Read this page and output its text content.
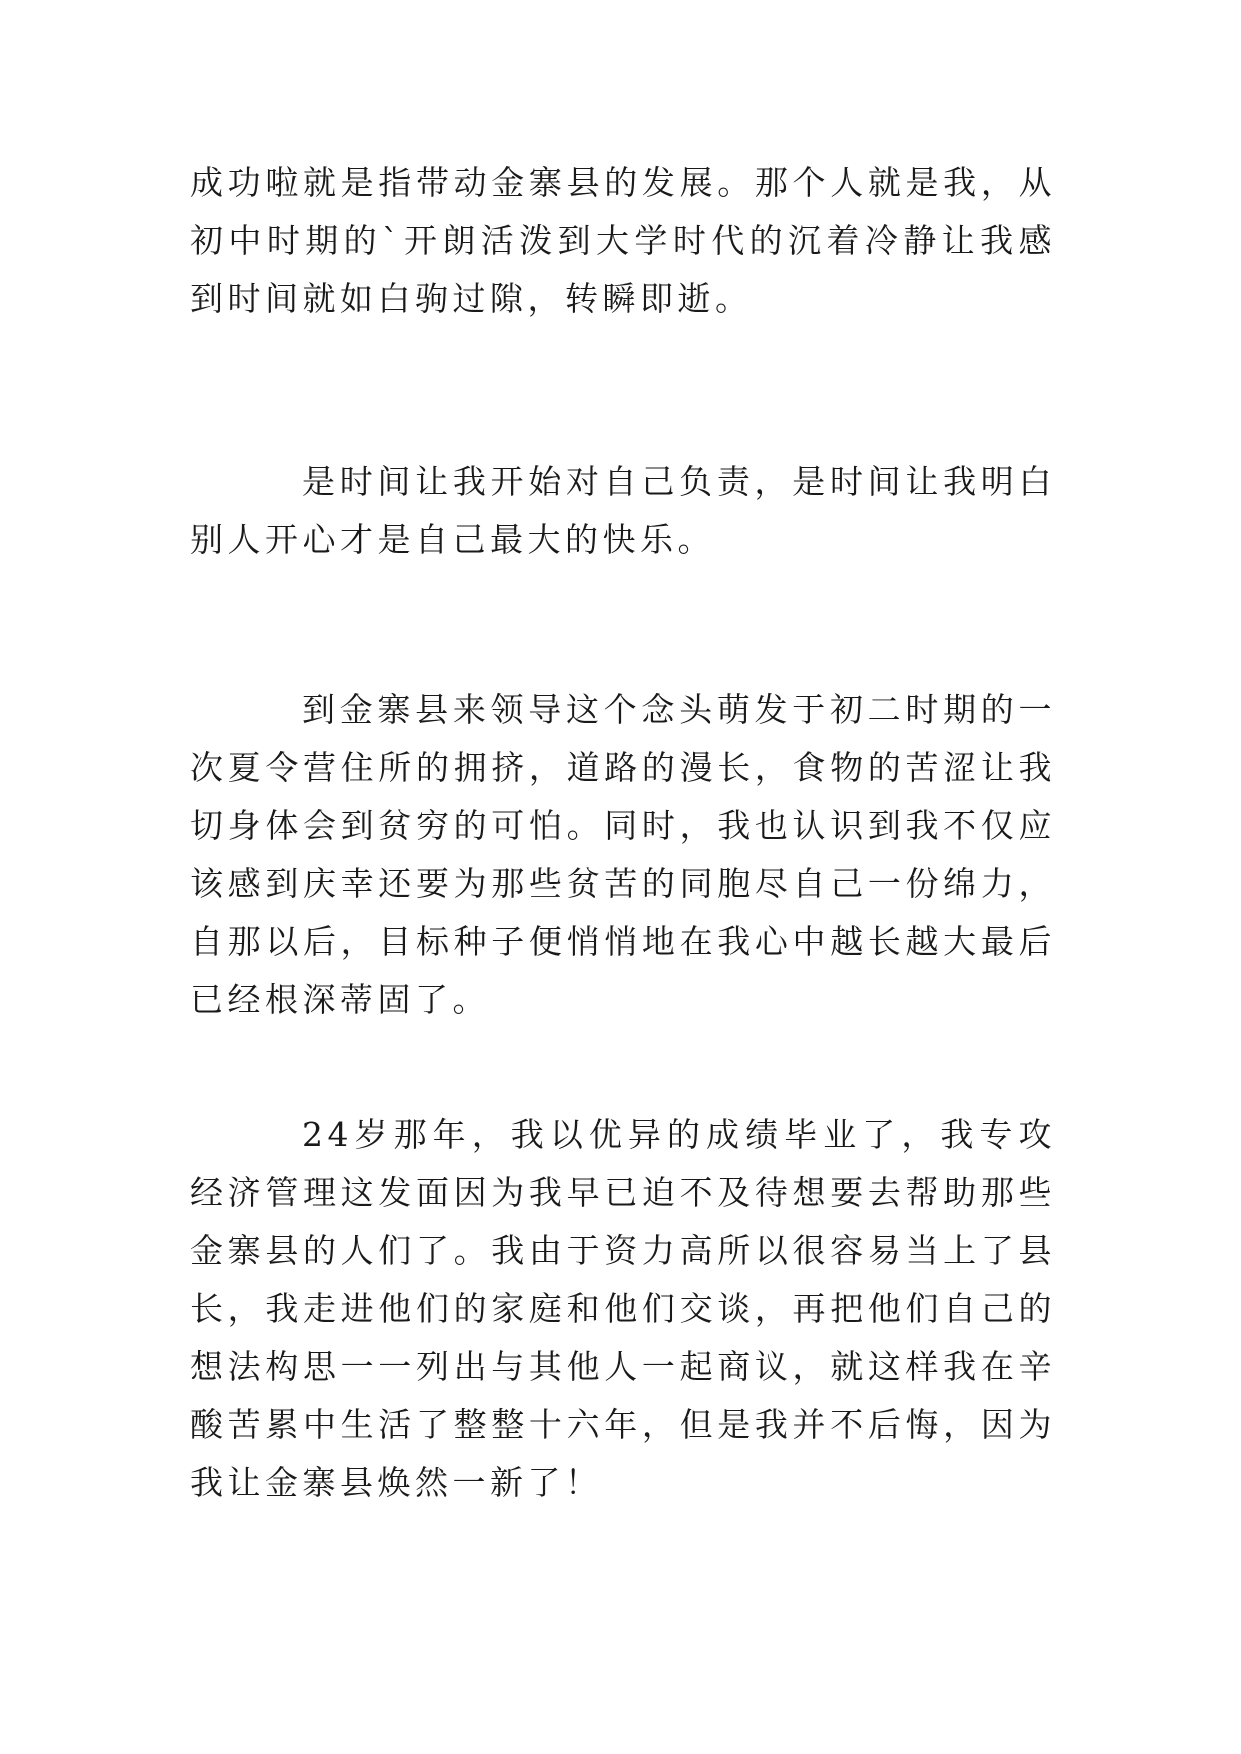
成功啦就是指带动金寨县的发展。那个人就是我，从初中时期的`开朗活泼到大学时代的沉着冷静让我感到时间就如白驹过隙，转瞬即逝。

是时间让我开始对自己负责，是时间让我明白别人开心才是自己最大的快乐。

到金寨县来领导这个念头萌发于初二时期的一次夏令营住所的拥挤，道路的漫长，食物的苦涩让我切身体会到贫穷的可怕。同时，我也认识到我不仅应该感到庆幸还要为那些贫苦的同胞尽自己一份绵力，自那以后，目标种子便悄悄地在我心中越长越大最后已经根深蒂固了。

24岁那年，我以优异的成绩毕业了，我专攻经济管理这发面因为我早已迫不及待想要去帮助那些金寨县的人们了。我由于资力高所以很容易当上了县长，我走进他们的家庭和他们交谈，再把他们自己的想法构思一一列出与其他人一起商议，就这样我在辛酸苦累中生活了整整十六年，但是我并不后悔，因为我让金寨县焕然一新了！
